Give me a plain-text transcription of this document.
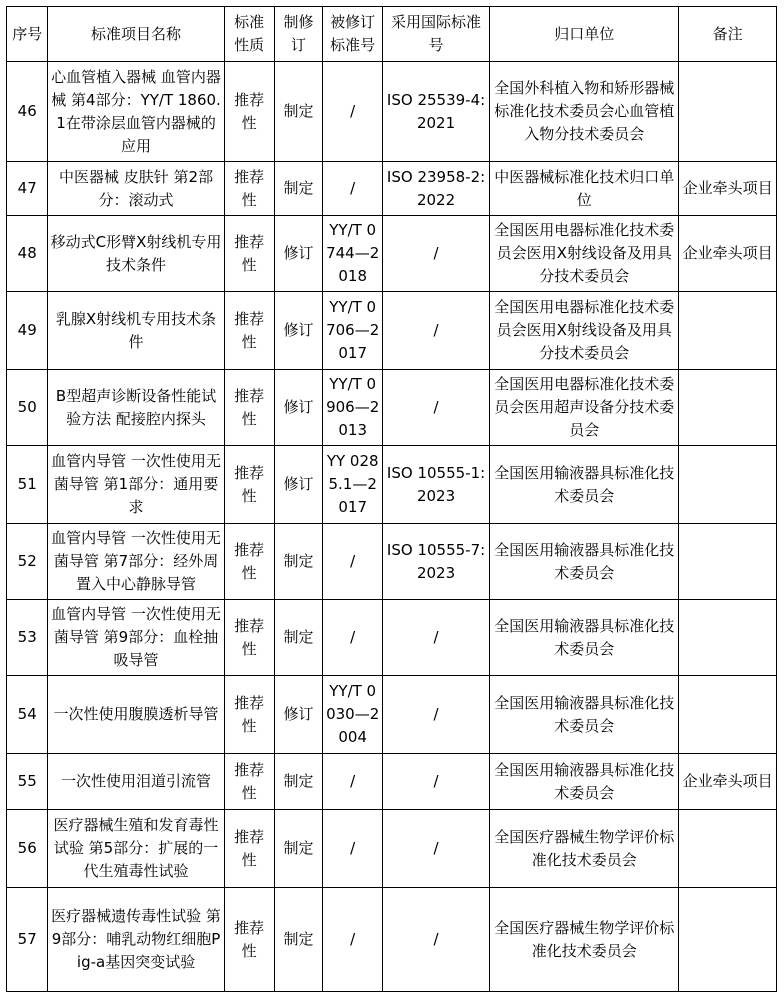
序号	标准项目名称	标准性质	制修订	被修订标准号	采用国际标准号	归口单位	备注
46	心血管植入器械 血管内器械 第4部分：YY/T 1860.1在带涂层血管内器械的应用	推荐性	制定	/	ISO 25539-4:2021	全国外科植入物和矫形器械标准化技术委员会心血管植入物分技术委员会	
47	中医器械 皮肤针 第2部分：滚动式	推荐性	制定	/	ISO 23958-2:2022	中医器械标准化技术归口单位	企业牵头项目
48	移动式C形臂X射线机专用技术条件	推荐性	修订	YY/T 0744—2018	/	全国医用电器标准化技术委员会医用X射线设备及用具分技术委员会	企业牵头项目
49	乳腺X射线机专用技术条件	推荐性	修订	YY/T 0706—2017	/	全国医用电器标准化技术委员会医用X射线设备及用具分技术委员会	
50	B型超声诊断设备性能试验方法 配接腔内探头	推荐性	修订	YY/T 0906—2013	/	全国医用电器标准化技术委员会医用超声设备分技术委员会	
51	血管内导管 一次性使用无菌导管 第1部分：通用要求	推荐性	修订	YY 0285.1—2017	ISO 10555-1:2023	全国医用输液器具标准化技术委员会	
52	血管内导管 一次性使用无菌导管 第7部分：经外周置入中心静脉导管	推荐性	制定	/	ISO 10555-7:2023	全国医用输液器具标准化技术委员会	
53	血管内导管 一次性使用无菌导管 第9部分：血栓抽吸导管	推荐性	制定	/	/	全国医用输液器具标准化技术委员会	
54	一次性使用腹膜透析导管	推荐性	修订	YY/T 0030—2004	/	全国医用输液器具标准化技术委员会	
55	一次性使用泪道引流管	推荐性	制定	/	/	全国医用输液器具标准化技术委员会	企业牵头项目
56	医疗器械生殖和发育毒性试验 第5部分：扩展的一代生殖毒性试验	推荐性	制定	/	/	全国医疗器械生物学评价标准化技术委员会	
57	医疗器械遗传毒性试验 第9部分：哺乳动物红细胞Pig-a基因突变试验	推荐性	制定	/	/	全国医疗器械生物学评价标准化技术委员会	
